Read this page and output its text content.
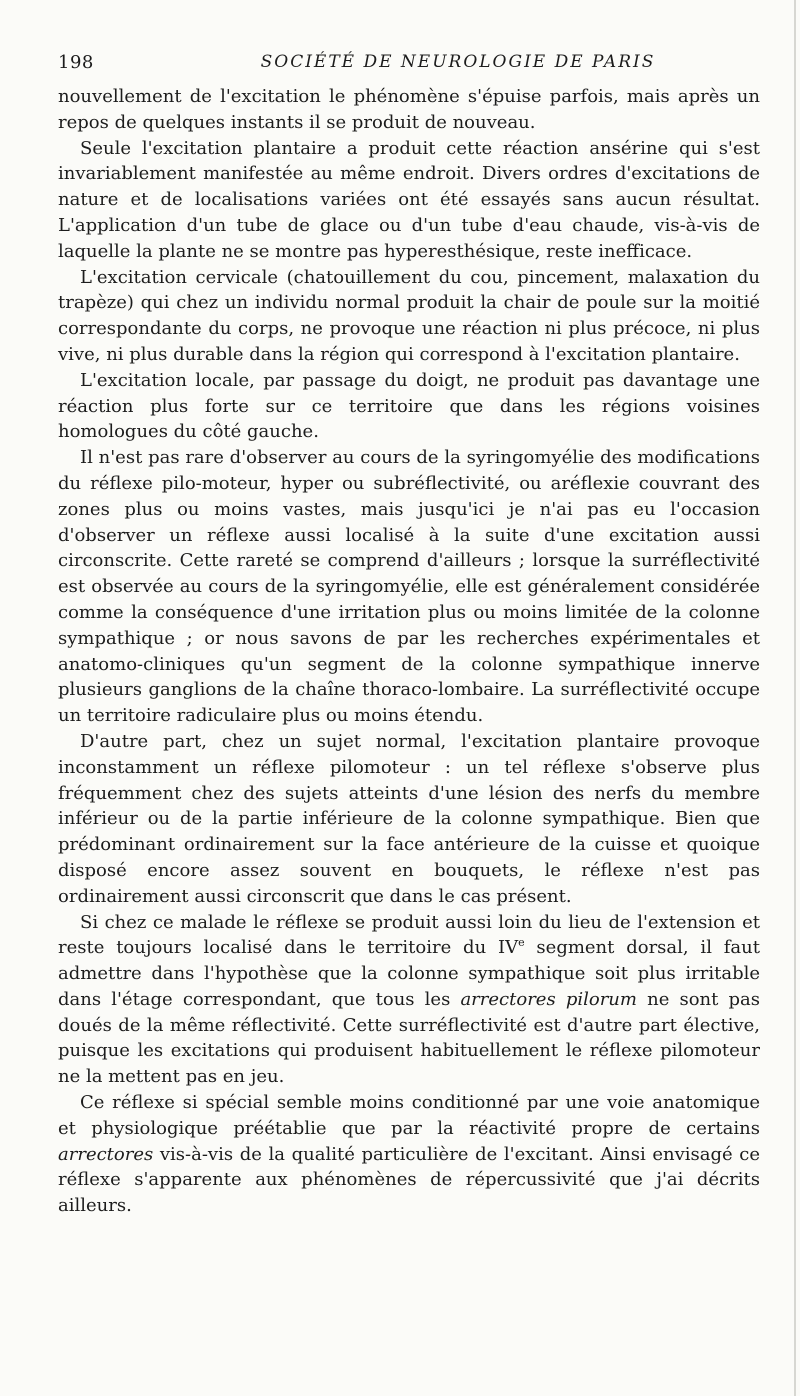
198	SOCIÉTÉ DE NEUROLOGIE DE PARIS

nouvellement de l'excitation le phénomène s'épuise parfois, mais après un repos de quelques instants il se produit de nouveau.

Seule l'excitation plantaire a produit cette réaction ansérine qui s'est invariablement manifestée au même endroit. Divers ordres d'excitations de nature et de localisations variées ont été essayés sans aucun résultat. L'application d'un tube de glace ou d'un tube d'eau chaude, vis-à-vis de laquelle la plante ne se montre pas hyperesthésique, reste inefficace.

L'excitation cervicale (chatouillement du cou, pincement, malaxation du trapèze) qui chez un individu normal produit la chair de poule sur la moitié correspondante du corps, ne provoque une réaction ni plus précoce, ni plus vive, ni plus durable dans la région qui correspond à l'excitation plantaire.

L'excitation locale, par passage du doigt, ne produit pas davantage une réaction plus forte sur ce territoire que dans les régions voisines homologues du côté gauche.

Il n'est pas rare d'observer au cours de la syringomyélie des modifications du réflexe pilo-moteur, hyper ou subréflectivité, ou aréflexie couvrant des zones plus ou moins vastes, mais jusqu'ici je n'ai pas eu l'occasion d'observer un réflexe aussi localisé à la suite d'une excitation aussi circonscrite. Cette rareté se comprend d'ailleurs ; lorsque la surréflectivité est observée au cours de la syringomyélie, elle est généralement considérée comme la conséquence d'une irritation plus ou moins limitée de la colonne sympathique ; or nous savons de par les recherches expérimentales et anatomo-cliniques qu'un segment de la colonne sympathique innerve plusieurs ganglions de la chaîne thoraco-lombaire. La surréflectivité occupe un territoire radiculaire plus ou moins étendu.

D'autre part, chez un sujet normal, l'excitation plantaire provoque inconstamment un réflexe pilomoteur : un tel réflexe s'observe plus fréquemment chez des sujets atteints d'une lésion des nerfs du membre inférieur ou de la partie inférieure de la colonne sympathique. Bien que prédominant ordinairement sur la face antérieure de la cuisse et quoique disposé encore assez souvent en bouquets, le réflexe n'est pas ordinairement aussi circonscrit que dans le cas présent.

Si chez ce malade le réflexe se produit aussi loin du lieu de l'extension et reste toujours localisé dans le territoire du IVe segment dorsal, il faut admettre dans l'hypothèse que la colonne sympathique soit plus irritable dans l'étage correspondant, que tous les arrectores pilorum ne sont pas doués de la même réflectivité. Cette surréflectivité est d'autre part élective, puisque les excitations qui produisent habituellement le réflexe pilomoteur ne la mettent pas en jeu.

Ce réflexe si spécial semble moins conditionné par une voie anatomique et physiologique préétablie que par la réactivité propre de certains arrectores vis-à-vis de la qualité particulière de l'excitant. Ainsi envisagé ce réflexe s'apparente aux phénomènes de répercussivité que j'ai décrits ailleurs.
